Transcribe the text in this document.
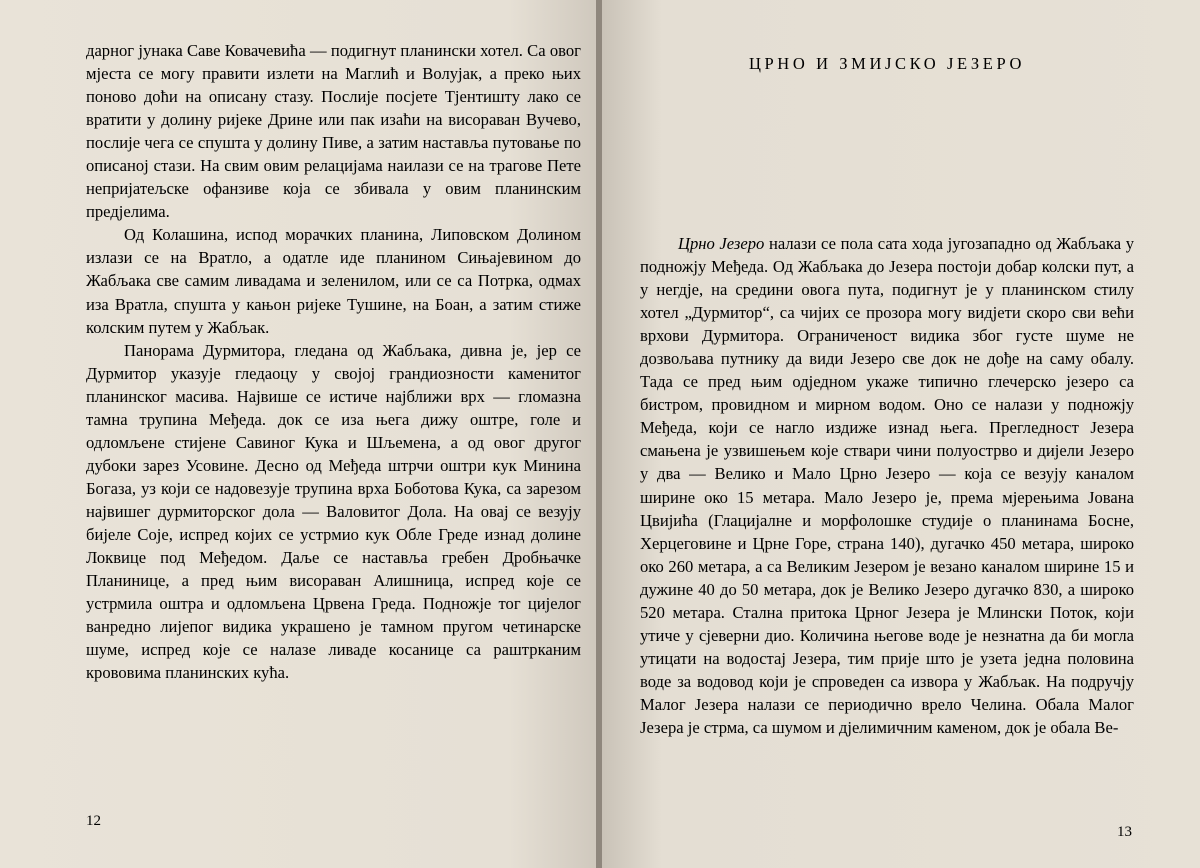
дарног јунака Саве Ковачевића — подигнут планински хотел. Са овог мјеста се могу правити излети на Маглић и Волујак, а преко њих поново доћи на описану стазу. Послије посјете Тјентишту лако се вратити у долину ријеке Дрине или пак изаћи на висораван Вучево, послије чега се спушта у долину Пиве, а затим наставља путовање по описаној стази. На свим овим релацијама наилази се на трагове Пете непријатељске офанзиве која се збивала у овим планинским предјелима.

Од Колашина, испод морачких планина, Липовском Долином излази се на Вратло, а одатле иде планином Сињајевином до Жабљака све самим ливадама и зеленилом, или се са Потрка, одмах иза Вратла, спушта у кањон ријеке Тушине, на Боан, а затим стиже колским путем у Жабљак.

Панорама Дурмитора, гледана од Жабљака, дивна је, јер се Дурмитор указује гледаоцу у својој грандиозности каменитог планинског масива. Највише се истиче најближи врх — гломазна тамна трупина Међеда. док се иза њега дижу оштре, голе и одломљене стијене Савиног Кука и Шљемена, а од овог другог дубоки зарез Усовине. Десно од Међеда штрчи оштри кук Минина Богаза, уз који се надовезује трупина врха Боботова Кука, са зарезом највишег дурмиторског дола — Валовитог Дола. На овај се везују бијеле Соје, испред којих се устрмио кук Обле Греде изнад долине Локвице под Међедом. Даље се наставља гребен Дробњачке Планинице, а пред њим висораван Алишница, испред које се устрмила оштра и одломљена Црвена Греда. Подножје тог цијелог ванредно лијепог видика украшено је тамном пругом четинарске шуме, испред које се налазе ливаде косанице са раштрканим крововима планинских кућа.

12
ЦРНО И ЗМИЈСКО ЈЕЗЕРО

Црно Језеро налази се пола сата хода југозападно од Жабљака у подножју Међеда. Од Жабљака до Језера постоји добар колски пут, а у негдје, на средини овога пута, подигнут је у планинском стилу хотел „Дурмитор“, са чијих се прозора могу видјети скоро сви већи врхови Дурмитора. Ограниченост видика због густе шуме не дозвољава путнику да види Језеро све док не дође на саму обалу. Тада се пред њим одједном укаже типично глечерско језеро са бистром, провидном и мирном водом. Оно се налази у подножју Међеда, који се нагло издиже изнад њега. Прегледност Језера смањена је узвишењем које ствари чини полуострво и дијели Језеро у два — Велико и Мало Црно Језеро — која се везују каналом ширине око 15 метара. Мало Језеро је, према мјерењима Јована Цвијића (Глацијалне и морфолошке студије о планинама Босне, Херцеговине и Црне Горе, страна 140), дугачко 450 метара, широко око 260 метара, а са Великим Језером је везано каналом ширине 15 и дужине 40 до 50 метара, док је Велико Језеро дугачко 830, а широко 520 метара. Стална притока Црног Језера је Млински Поток, који утиче у сјеверни дио. Количина његове воде је незнатна да би могла утицати на водостај Језера, тим прије што је узета једна половина воде за водовод који је спроведен са извора у Жабљак. На подручју Малог Језера налази се периодично врело Челина. Обала Малог Језера је стрма, са шумом и дјелимичним каменом, док је обала Ве-

13
